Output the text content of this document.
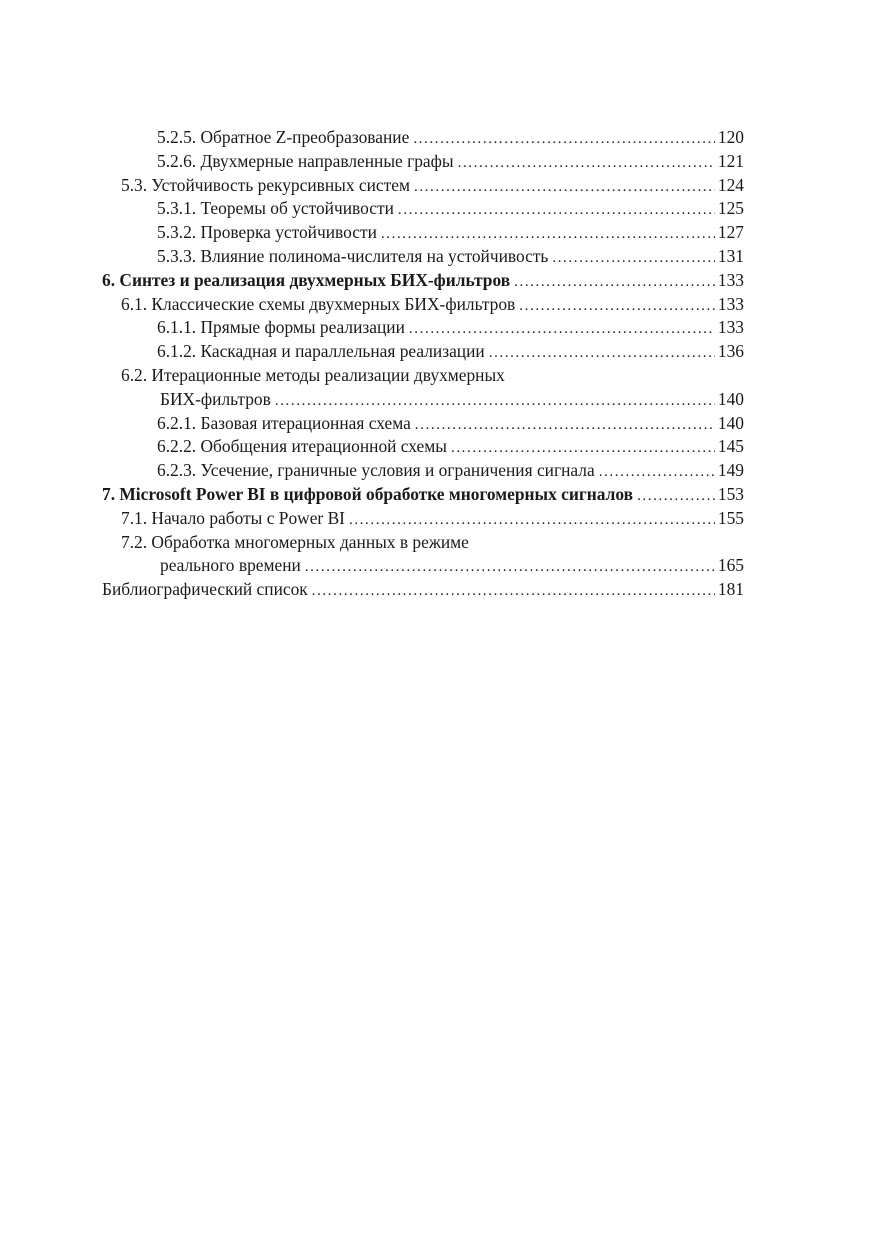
5.2.5. Обратное Z-преобразование .....	120
5.2.6. Двухмерные направленные графы .....	121
5.3. Устойчивость рекурсивных систем .....	124
5.3.1. Теоремы об устойчивости .....	125
5.3.2. Проверка устойчивости .....	127
5.3.3. Влияние полинома-числителя на устойчивость .....	131
6. Синтез и реализация двухмерных БИХ-фильтров .....	133
6.1. Классические схемы двухмерных БИХ-фильтров .....	133
6.1.1. Прямые формы реализации .....	133
6.1.2. Каскадная и параллельная реализации .....	136
6.2. Итерационные методы реализации двухмерных
БИХ-фильтров .....	140
6.2.1. Базовая итерационная схема .....	140
6.2.2. Обобщения итерационной схемы .....	145
6.2.3. Усечение, граничные условия и ограничения сигнала .....	149
7. Microsoft Power BI в цифровой обработке многомерных сигналов .....	153
7.1. Начало работы с Power BI .....	155
7.2. Обработка многомерных данных в режиме
реального времени .....	165
Библиографический список .....	181
